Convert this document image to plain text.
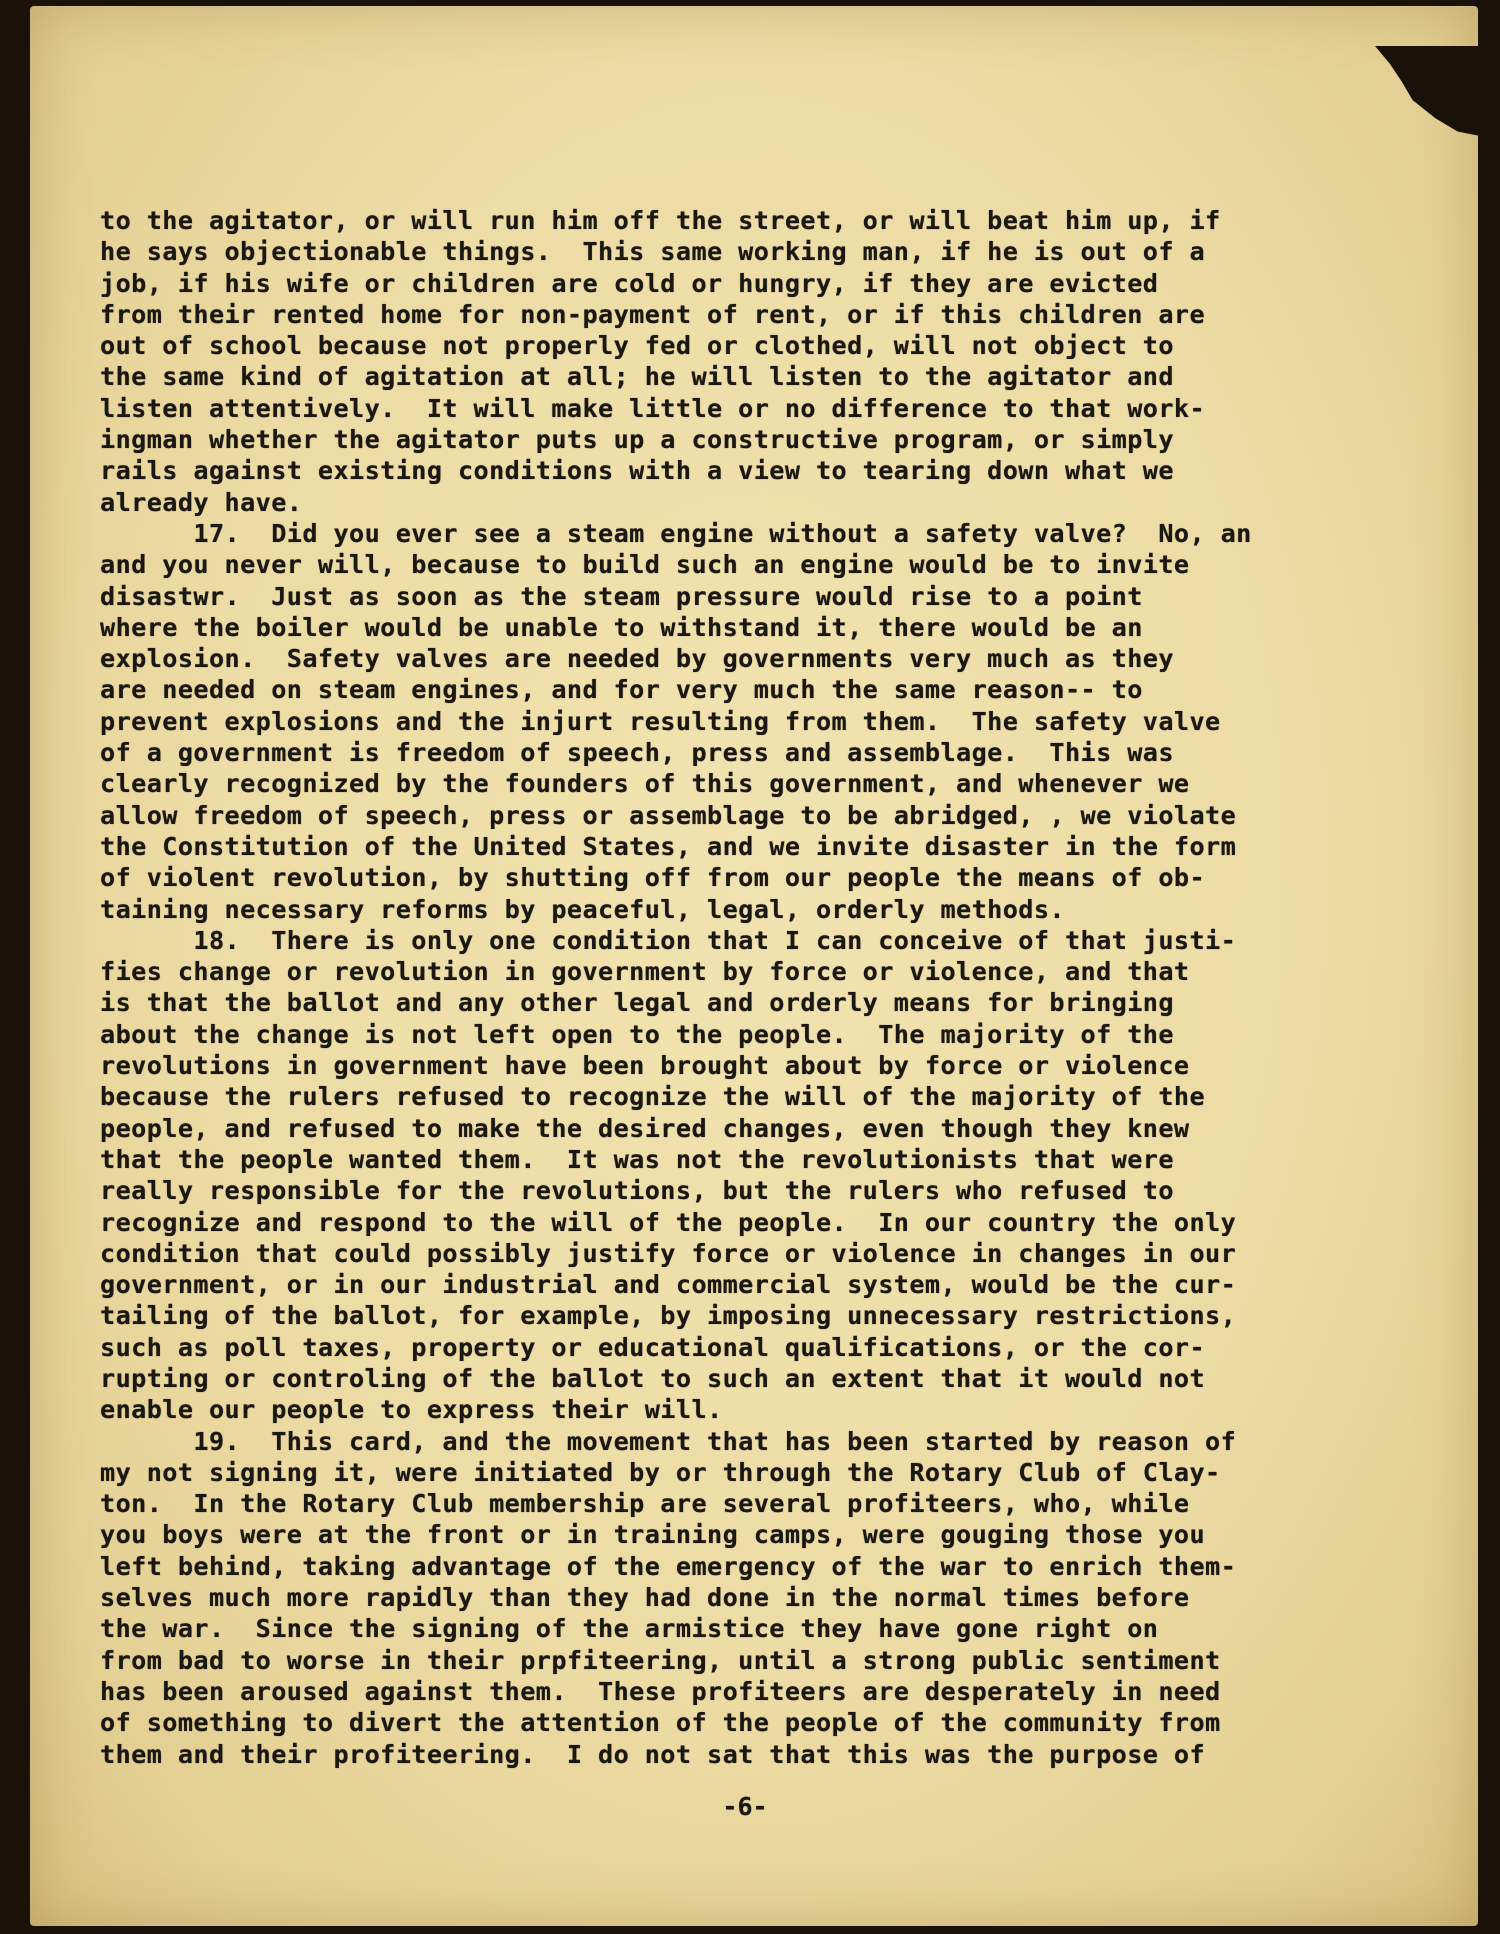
to the agitator, or will run him off the street, or will beat him up, if
he says objectionable things.  This same working man, if he is out of a
job, if his wife or children are cold or hungry, if they are evicted
from their rented home for non-payment of rent, or if this children are
out of school because not properly fed or clothed, will not object to
the same kind of agitation at all; he will listen to the agitator and
listen attentively.  It will make little or no difference to that work-
ingman whether the agitator puts up a constructive program, or simply
rails against existing conditions with a view to tearing down what we
already have.
17.  Did you ever see a steam engine without a safety valve?  No, an
and you never will, because to build such an engine would be to invite
disastwr.  Just as soon as the steam pressure would rise to a point
where the boiler would be unable to withstand it, there would be an
explosion.  Safety valves are needed by governments very much as they
are needed on steam engines, and for very much the same reason-- to
prevent explosions and the injurt resulting from them.  The safety valve
of a government is freedom of speech, press and assemblage.  This was
clearly recognized by the founders of this government, and whenever we
allow freedom of speech, press or assemblage to be abridged, , we violate
the Constitution of the United States, and we invite disaster in the form
of violent revolution, by shutting off from our people the means of ob-
taining necessary reforms by peaceful, legal, orderly methods.
18.  There is only one condition that I can conceive of that justi-
fies change or revolution in government by force or violence, and that
is that the ballot and any other legal and orderly means for bringing
about the change is not left open to the people.  The majority of the
revolutions in government have been brought about by force or violence
because the rulers refused to recognize the will of the majority of the
people, and refused to make the desired changes, even though they knew
that the people wanted them.  It was not the revolutionists that were
really responsible for the revolutions, but the rulers who refused to
recognize and respond to the will of the people.  In our country the only
condition that could possibly justify force or violence in changes in our
government, or in our industrial and commercial system, would be the cur-
tailing of the ballot, for example, by imposing unnecessary restrictions,
such as poll taxes, property or educational qualifications, or the cor-
rupting or controling of the ballot to such an extent that it would not
enable our people to express their will.
19.  This card, and the movement that has been started by reason of
my not signing it, were initiated by or through the Rotary Club of Clay-
ton.  In the Rotary Club membership are several profiteers, who, while
you boys were at the front or in training camps, were gouging those you
left behind, taking advantage of the emergency of the war to enrich them-
selves much more rapidly than they had done in the normal times before
the war.  Since the signing of the armistice they have gone right on
from bad to worse in their prpfiteering, until a strong public sentiment
has been aroused against them.  These profiteers are desperately in need
of something to divert the attention of the people of the community from
them and their profiteering.  I do not sat that this was the purpose of
-6-
